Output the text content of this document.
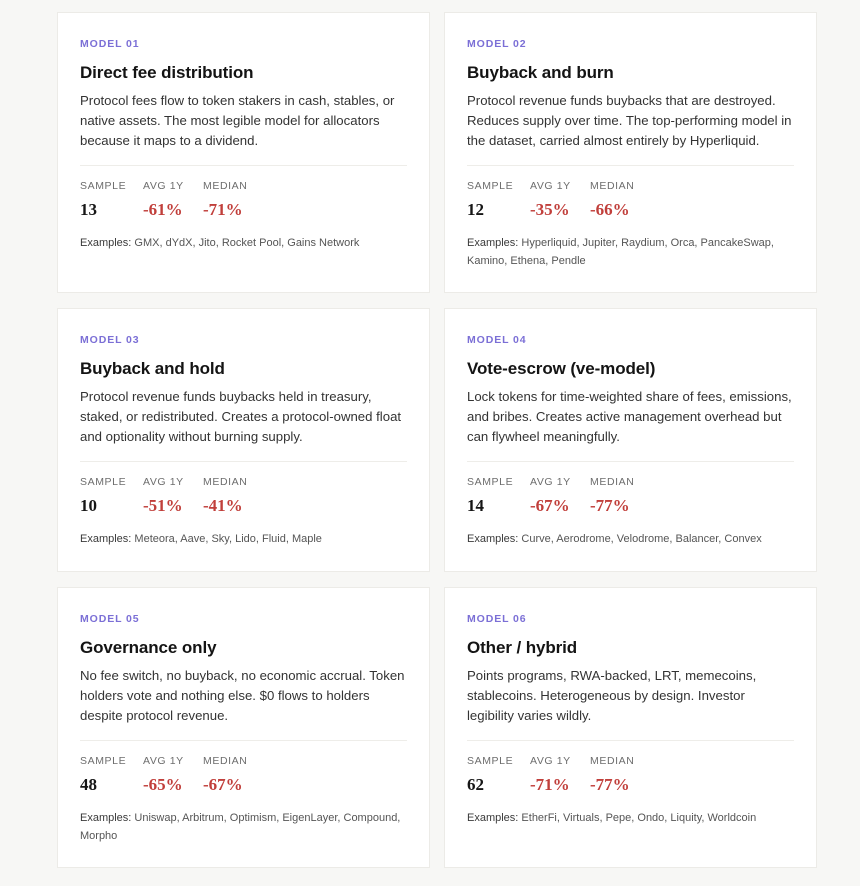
MODEL 01
Direct fee distribution
Protocol fees flow to token stakers in cash, stables, or native assets. The most legible model for allocators because it maps to a dividend.
SAMPLE	AVG 1Y	MEDIAN
13	-61%	-71%
Examples: GMX, dYdX, Jito, Rocket Pool, Gains Network
MODEL 02
Buyback and burn
Protocol revenue funds buybacks that are destroyed. Reduces supply over time. The top-performing model in the dataset, carried almost entirely by Hyperliquid.
SAMPLE	AVG 1Y	MEDIAN
12	-35%	-66%
Examples: Hyperliquid, Jupiter, Raydium, Orca, PancakeSwap, Kamino, Ethena, Pendle
MODEL 03
Buyback and hold
Protocol revenue funds buybacks held in treasury, staked, or redistributed. Creates a protocol-owned float and optionality without burning supply.
SAMPLE	AVG 1Y	MEDIAN
10	-51%	-41%
Examples: Meteora, Aave, Sky, Lido, Fluid, Maple
MODEL 04
Vote-escrow (ve-model)
Lock tokens for time-weighted share of fees, emissions, and bribes. Creates active management overhead but can flywheel meaningfully.
SAMPLE	AVG 1Y	MEDIAN
14	-67%	-77%
Examples: Curve, Aerodrome, Velodrome, Balancer, Convex
MODEL 05
Governance only
No fee switch, no buyback, no economic accrual. Token holders vote and nothing else. $0 flows to holders despite protocol revenue.
SAMPLE	AVG 1Y	MEDIAN
48	-65%	-67%
Examples: Uniswap, Arbitrum, Optimism, EigenLayer, Compound, Morpho
MODEL 06
Other / hybrid
Points programs, RWA-backed, LRT, memecoins, stablecoins. Heterogeneous by design. Investor legibility varies wildly.
SAMPLE	AVG 1Y	MEDIAN
62	-71%	-77%
Examples: EtherFi, Virtuals, Pepe, Ondo, Liquity, Worldcoin
